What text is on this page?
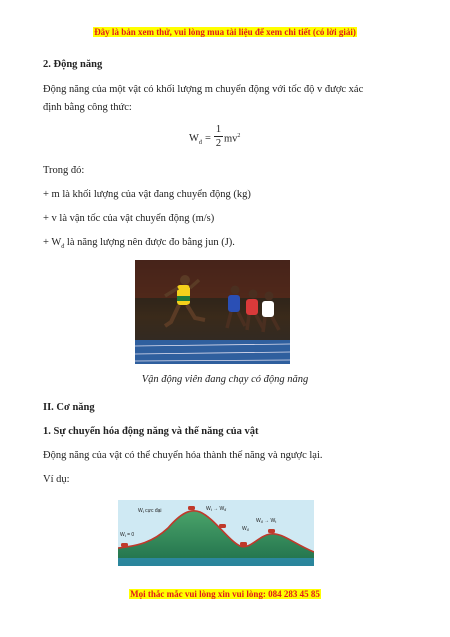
Đây là bản xem thử, vui lòng mua tài liệu để xem chi tiết (có lời giải)
2. Động năng
Động năng của một vật có khối lượng m chuyển động với tốc độ v được xác
định bằng công thức:
$W_đ$ =
1
2 $mv^2$
Trong đó:
+ m là khối lượng của vật đang chuyển động (kg)
+ v là vận tốc của vật chuyển động (m/s)
+ $W_đ$ là năng lượng nên được đo bằng jun (J).
Vận động viên đang chạy có động năng
II. Cơ năng
1. Sự chuyển hóa động năng và thế năng của vật
Động năng của vật có thể chuyển hóa thành thế năng và ngược lại.
Ví dụ:
$W_t$ cực đại	$W_t \to W_đ$
$W_t = 0$
$W_đ$
$W_đ \to W_t$
Mọi thắc mắc vui lòng xin vui lòng: 084 283 45 85
